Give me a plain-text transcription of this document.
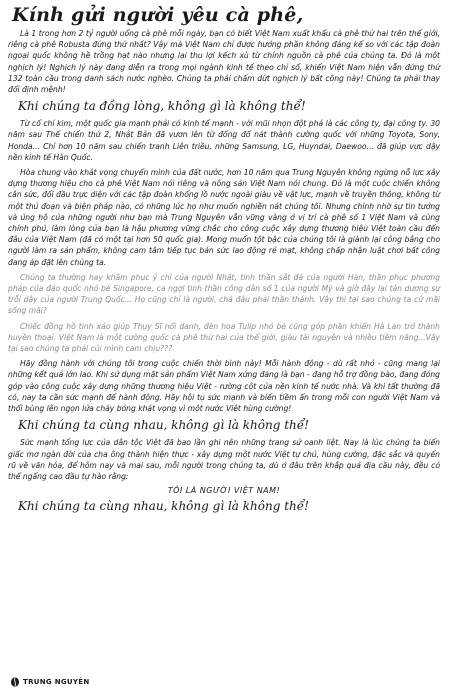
Kính gửi người yêu cà phê,

Là 1 trong hơn 2 tỷ người uống cà phê mỗi ngày, bạn có biết Việt Nam xuất khẩu cà phê thứ hai trên thế giới, riêng cà phê Robusta đứng thứ nhất? Vậy mà Việt Nam chỉ được hưởng phần không đáng kể so với các tập đoàn ngoại quốc không hề trồng hạt nào nhưng lại thu lợi kếch xù từ chính nguồn cà phê của chúng ta. Đó là một nghịch lý! Nghịch lý này đang diễn ra trong mọi ngành kinh tế theo chỉ số, khiến Việt Nam hiện vẫn đứng thứ 132 toàn cầu trong danh sách nước nghèo. Chúng ta phải chấm dứt nghịch lý bất công này! Chúng ta phải thay đổi định mệnh!

Khi chúng ta đồng lòng, không gì là không thể!

Từ cổ chí kim, một quốc gia mạnh phải có kinh tế mạnh - với mũi nhọn đột phá là các công ty, đại công ty. 30 năm sau Thế chiến thứ 2, Nhật Bản đã vươn lên từ đống đổ nát thành cường quốc với những Toyota, Sony, Honda... Chỉ hơn 10 năm sau chiến tranh Liên triều, những Samsung, LG, Huyndai, Daewoo... đã giúp vực dậy nền kinh tế Hàn Quốc.

Hòa chung vào khát vọng chuyển mình của đất nước, hơn 10 năm qua Trung Nguyên không ngừng nỗ lực xây dựng thương hiệu cho cà phê Việt Nam nói riêng và nông sản Việt Nam nói chung. Đó là một cuộc chiến không cân sức, đối đầu trực diện với các tập đoàn khổng lồ nước ngoài giàu về vật lực, mạnh về truyền thông, không từ một thủ đoạn và biện pháp nào, có những lúc họ như muốn nghiền nát chúng tôi. Nhưng chính nhờ sự tin tưởng và ủng hộ của những người như bạn mà Trung Nguyên vẫn vững vàng ở vị trí cà phê số 1 Việt Nam và cùng chính phủ, làm lòng của bạn là hậu phương vững chắc cho công cuộc xây dựng thương hiệu Việt toàn cầu đến đâu của Việt Nam (đã có một tại hơn 50 quốc gia). Mong muốn tột bậc của chúng tôi là giành lại công bằng cho người làm ra sản phẩm, không cam tâm tiếp tục bán sức lao động rẻ mạt, không chấp nhận luật chơi bất công đang áp đặt lên chúng ta.

Chúng ta thường hay khâm phục ý chí của người Nhật, tinh thần sắt đá của người Hàn, thần phục phương pháp của đảo quốc nhỏ bé Singapore, ca ngợi tinh thần công dân số 1 của người Mỹ và giờ đây lại tán dương sự trỗi dậy của người Trung Quốc... Họ cũng chỉ là người, chả đâu phải thần thánh. Vậy thì tại sao chúng ta cứ mãi sống mãi?

Chiếc đồng hồ tinh xảo giúp Thụy Sĩ nổi danh, đèn hoa Tulip nhỏ bé cũng góp phần khiến Hà Lan trở thành huyền thoại. Việt Nam là một cường quốc cà phê thứ hai của thế giới, giàu tài nguyên và nhiều tiềm năng...Vậy tại sao chúng ta phải cúi mình cam chịu???

Hãy đồng hành với chúng tôi trong cuộc chiến thời bình này! Mỗi hành động - dù rất nhỏ - cũng mang lại những kết quả lớn lao. Khi sử dụng mặt sản phẩm Việt Nam xứng đáng là bạn - đang hỗ trợ đồng bào, đang đóng góp vào công cuộc xây dựng những thương hiệu Việt - rường cột của nền kinh tế nước nhà. Và khi tất thường đã có, nay ta cần sức mạnh để hành động. Hãy hội tụ sức mạnh và biến tiềm ẩn trong mỗi con người Việt Nam và thổi bùng lên ngọn lửa cháy bỏng khát vọng vì một nước Việt hùng cường!

Khi chúng ta cùng nhau, không gì là không thể!

Sức mạnh tổng lực của dân tộc Việt đã bao lần ghi nên những trang sử oanh liệt. Nay là lúc chúng ta biến giấc mơ ngàn đời của cha ông thành hiện thực - xây dựng một nước Việt tự chủ, hùng cường, đặc sắc và quyến rũ về văn hóa, để hôm nay và mai sau, mỗi người trong chúng ta, dù ở đâu trên khắp quả địa cầu này, đều có thể ngẩng cao đầu tự hào rằng:

TÔI LÀ NGƯỜI VIỆT NAM!
Khi chúng ta cùng nhau, không gì là không thể!
TRUNG NGUYÊN
